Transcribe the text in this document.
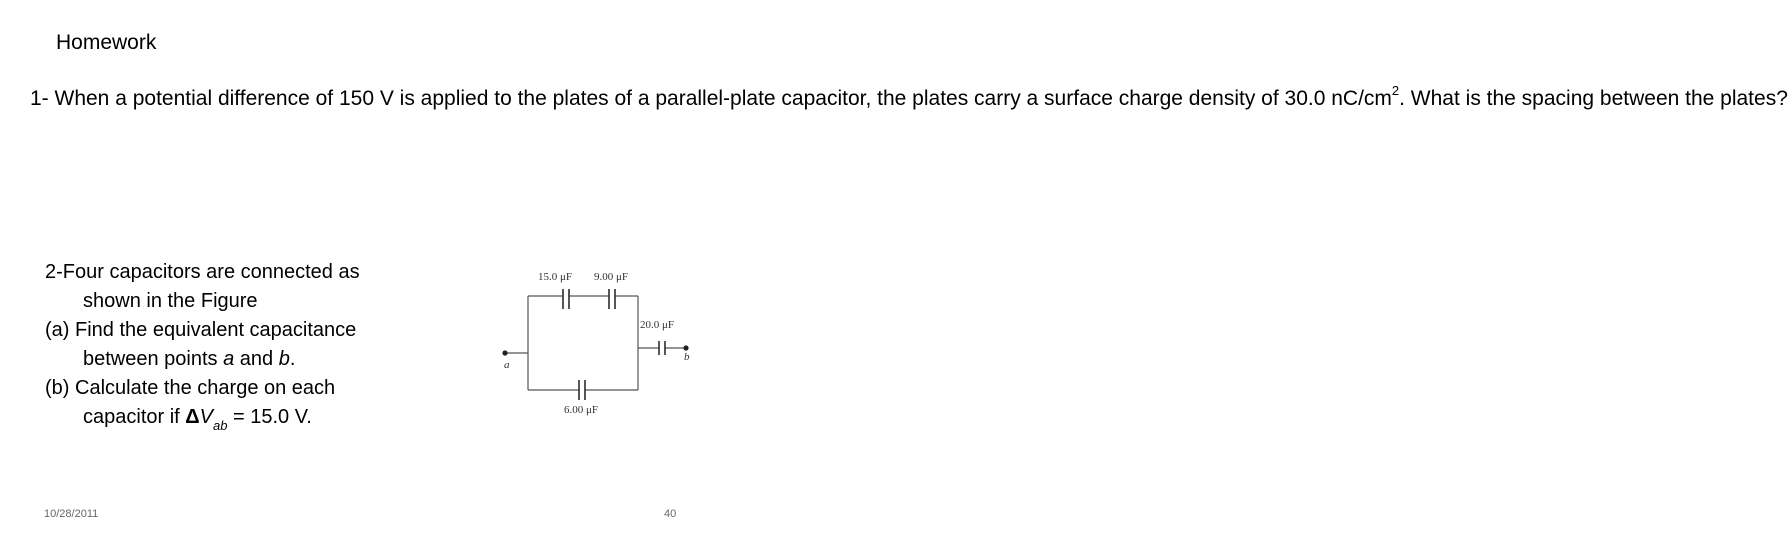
Homework
1- When a potential difference of 150 V is applied to the plates of a parallel-plate capacitor, the plates carry a surface charge density of 30.0 $nC/cm^2$. What is the spacing between the plates?
2-Four capacitors are connected as
shown in the Figure
(a) Find the equivalent capacitance
between points a and b.
(b) Calculate the charge on each
capacitor if $\Delta V_{ab} = 15.0$ V.
15.0 μF 9.00 μF
20.0 μF
6.00 μF
a
b
10/28/2011	40
